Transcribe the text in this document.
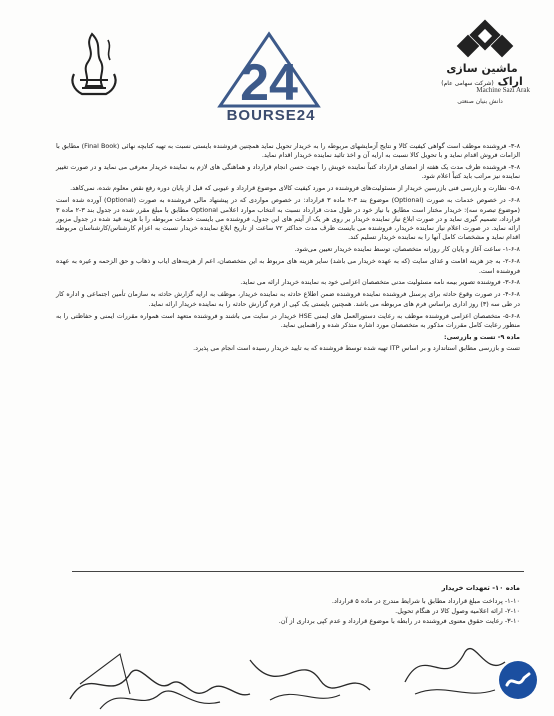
24
BOURSE24
ماشین سازی اراک (شرکت سهامی عام)
Machine Sazi Arak
دانش بنیان صنعتی

۳-۸- فروشنده موظف است گواهی کیفیت کالا و نتایج آزمایشهای مربوطه را به خریدار تحویل نماید همچنین فروشنده بایستی نسبت به تهیه کتابچه نهائی (Final Book) مطابق با الزامات فروش اقدام نماید و با تحویل کالا نسبت به ارایه آن و اخذ تائید نماینده خریدار اقدام نماید.

۴-۸- فروشنده ظرف مدت یک هفته از امضای قرارداد کتباً نماینده خویش را جهت حسن انجام قرارداد و هماهنگی های لازم به نماینده خریدار معرفی می نماید و در صورت تغییر نماینده نیز مراتب باید کتباً اعلام شود.

۵-۸- نظارت و بازرسی فنی بازرسین خریدار از مسئولیت‌های فروشنده در مورد کیفیت کالای موضوع قرارداد و عیوبی که قبل از پایان دوره رفع نقص معلوم شده، نمی‌کاهد.

۶-۸- در خصوص خدمات به صورت (Optional) موضوع بند ۳-۲ ماده ۳ قرارداد: در خصوص مواردی که در پیشنهاد مالی فروشنده به صورت (Optional) آورده شده است (موضوع تبصره سه): خریدار مختار است مطابق با نیاز خود در طول مدت قرارداد نسبت به انتخاب موارد اعلامی Optional مطابق با مبلغ مقرر شده در جدول بند ۳-۲ ماده ۳ قرارداد، تصمیم گیری نماید و در صورت ابلاغ نیاز نماینده خریدار بر روی هر یک از آیتم های این جدول، فروشنده می بایست خدمات مربوطه را با هزینه قید شده در جدول مزبور ارائه نماید. در صورت اعلام نیاز نماینده خریدار، فروشنده می بایست ظرف مدت حداکثر ۷۲ ساعت از تاریخ ابلاغ نماینده خریدار نسبت به اعزام کارشناس/کارشناسان مربوطه اقدام نماید و مشخصات کامل آنها را به نماینده خریدار تسلیم کند.

۱-۶-۸- ساعت آغاز و پایان کار روزانه متخصصان، توسط نماینده خریدار تعیین می‌شود.

۲-۶-۸- به جز هزینه اقامت و غذای سایت (که به عهده خریدار می باشد) سایر هزینه های مربوط به این متخصصان، اعم از هزینه‌های ایاب و ذهاب و حق الزحمه و غیره به عهده فروشنده است.

۳-۶-۸- فروشنده تصویر بیمه نامه مسئولیت مدنی متخصصان اعزامی خود به نماینده خریدار ارائه می نماید.

۴-۶-۸- در صورت وقوع حادثه برای پرسنل فروشنده نماینده فروشنده ضمن اطلاع حادثه به نماینده خریدار، موظف به ارایه گزارش حادثه به سازمان تأمین اجتماعی و اداره کار در طی سه (۳) روز اداری براساس فرم های مربوطه می باشد. همچنین بایستی یک کپی از فرم گزارش حادثه را به نماینده خریدار ارائه نماید.

۵-۶-۸- متخصصان اعزامی فروشنده موظف به رعایت دستورالعمل های ایمنی HSE خریدار در سایت می باشند و فروشنده متعهد است همواره مقررات ایمنی و حفاظتی را به منظور رعایت کامل مقررات مذکور به متخصصان مورد اشاره متذکر شده و راهنمایی نماید.

ماده ۹- تست و بازرسی:

تست و بازرسی مطابق استاندارد و بر اساس ITP تهیه شده توسط فروشنده که به تایید خریدار رسیده است انجام می پذیرد.

ماده ۱۰- تعهدات خریدار

۱-۱۰- پرداخت مبلغ قرارداد مطابق با شرایط مندرج در ماده ۵ قرارداد.

۲-۱۰- ارائه اعلامیه وصول کالا در هنگام تحویل.

۳-۱۰- رعایت حقوق معنوی فروشنده در رابطه با موضوع قرارداد و عدم کپی برداری از آن.
